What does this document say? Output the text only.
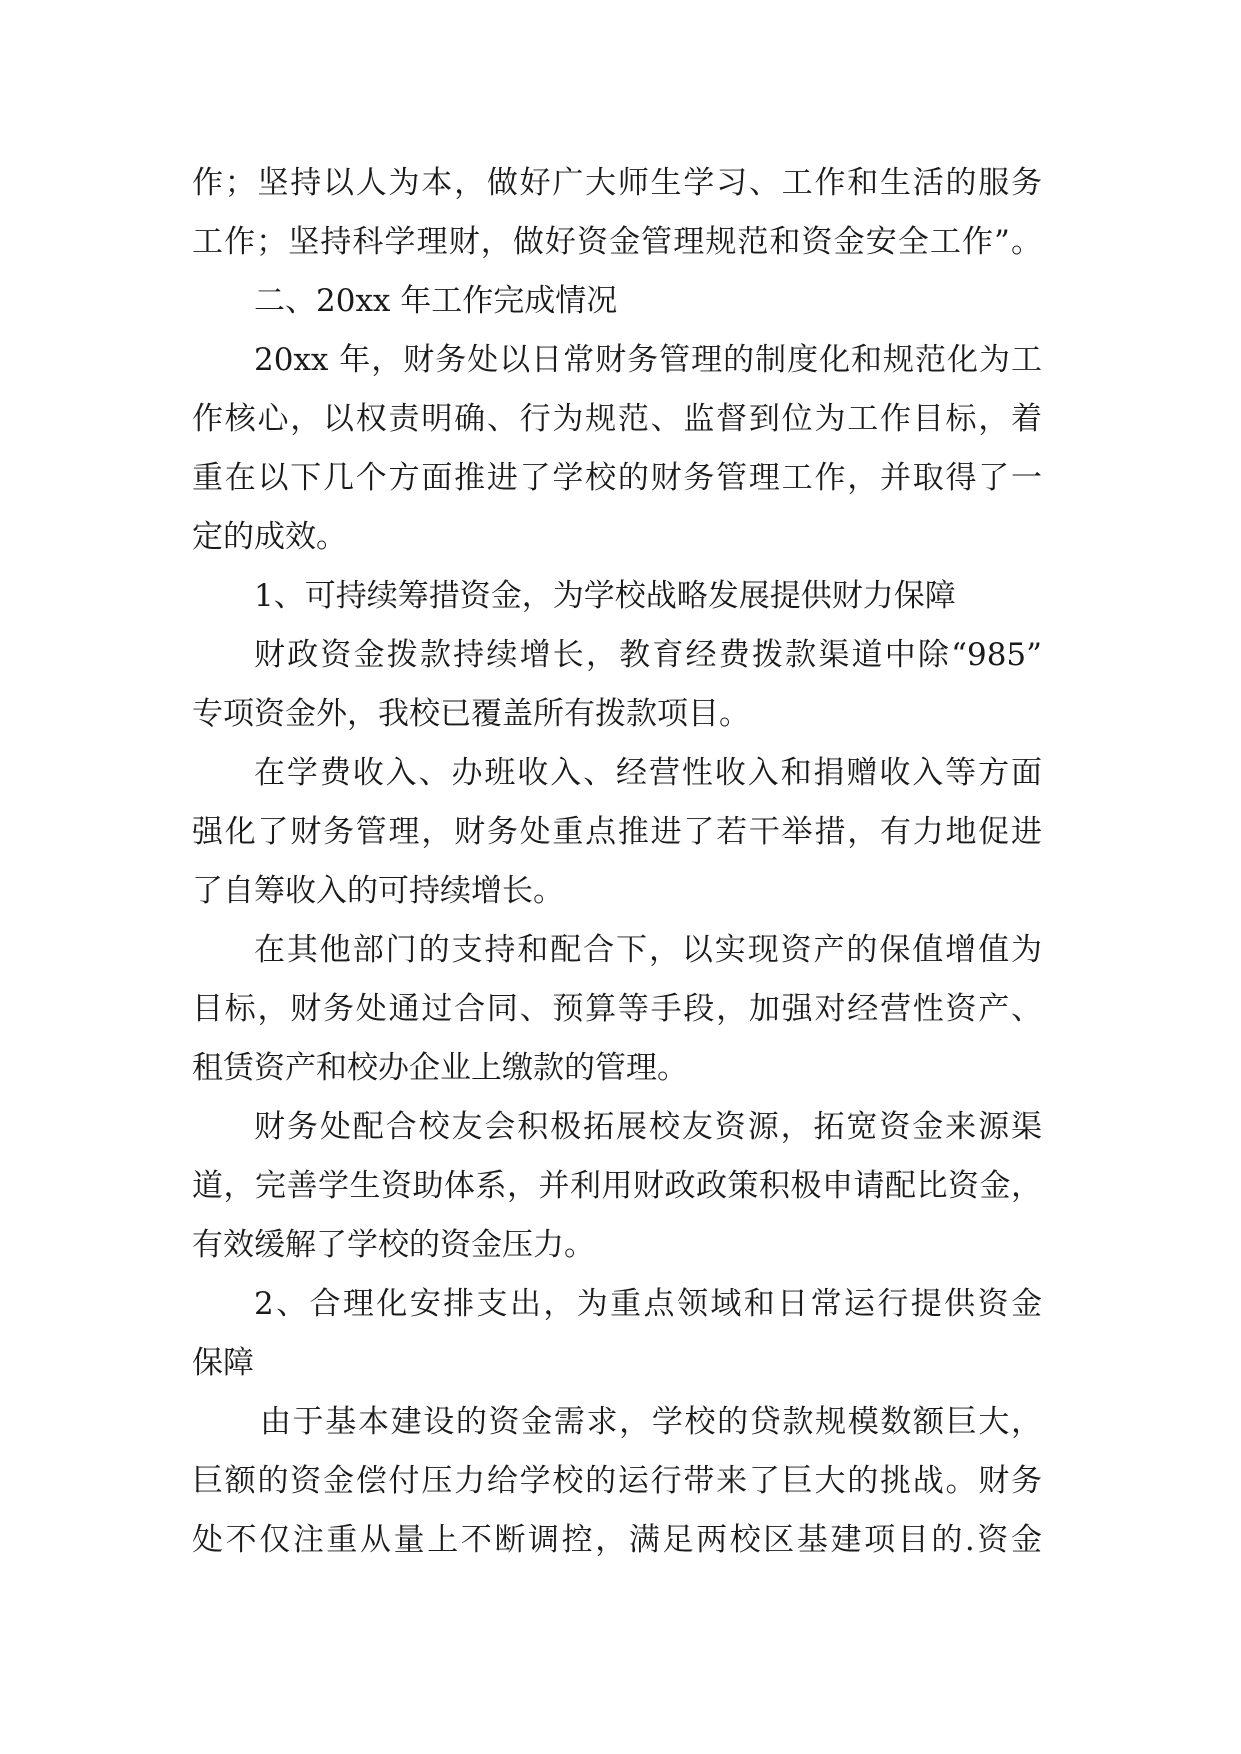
作；坚持以人为本，做好广大师生学习、工作和生活的服务
工作；坚持科学理财，做好资金管理规范和资金安全工作”。
二、20xx 年工作完成情况
20xx 年，财务处以日常财务管理的制度化和规范化为工
作核心，以权责明确、行为规范、监督到位为工作目标，着
重在以下几个方面推进了学校的财务管理工作，并取得了一
定的成效。
1、可持续筹措资金，为学校战略发展提供财力保障
财政资金拨款持续增长，教育经费拨款渠道中除“985”
专项资金外，我校已覆盖所有拨款项目。
在学费收入、办班收入、经营性收入和捐赠收入等方面
强化了财务管理，财务处重点推进了若干举措，有力地促进
了自筹收入的可持续增长。
在其他部门的支持和配合下，以实现资产的保值增值为
目标，财务处通过合同、预算等手段，加强对经营性资产、
租赁资产和校办企业上缴款的管理。
财务处配合校友会积极拓展校友资源，拓宽资金来源渠
道，完善学生资助体系，并利用财政政策积极申请配比资金，
有效缓解了学校的资金压力。
2、合理化安排支出，为重点领域和日常运行提供资金
保障
由于基本建设的资金需求，学校的贷款规模数额巨大，
巨额的资金偿付压力给学校的运行带来了巨大的挑战。财务
处不仅注重从量上不断调控，满足两校区基建项目的.资金
